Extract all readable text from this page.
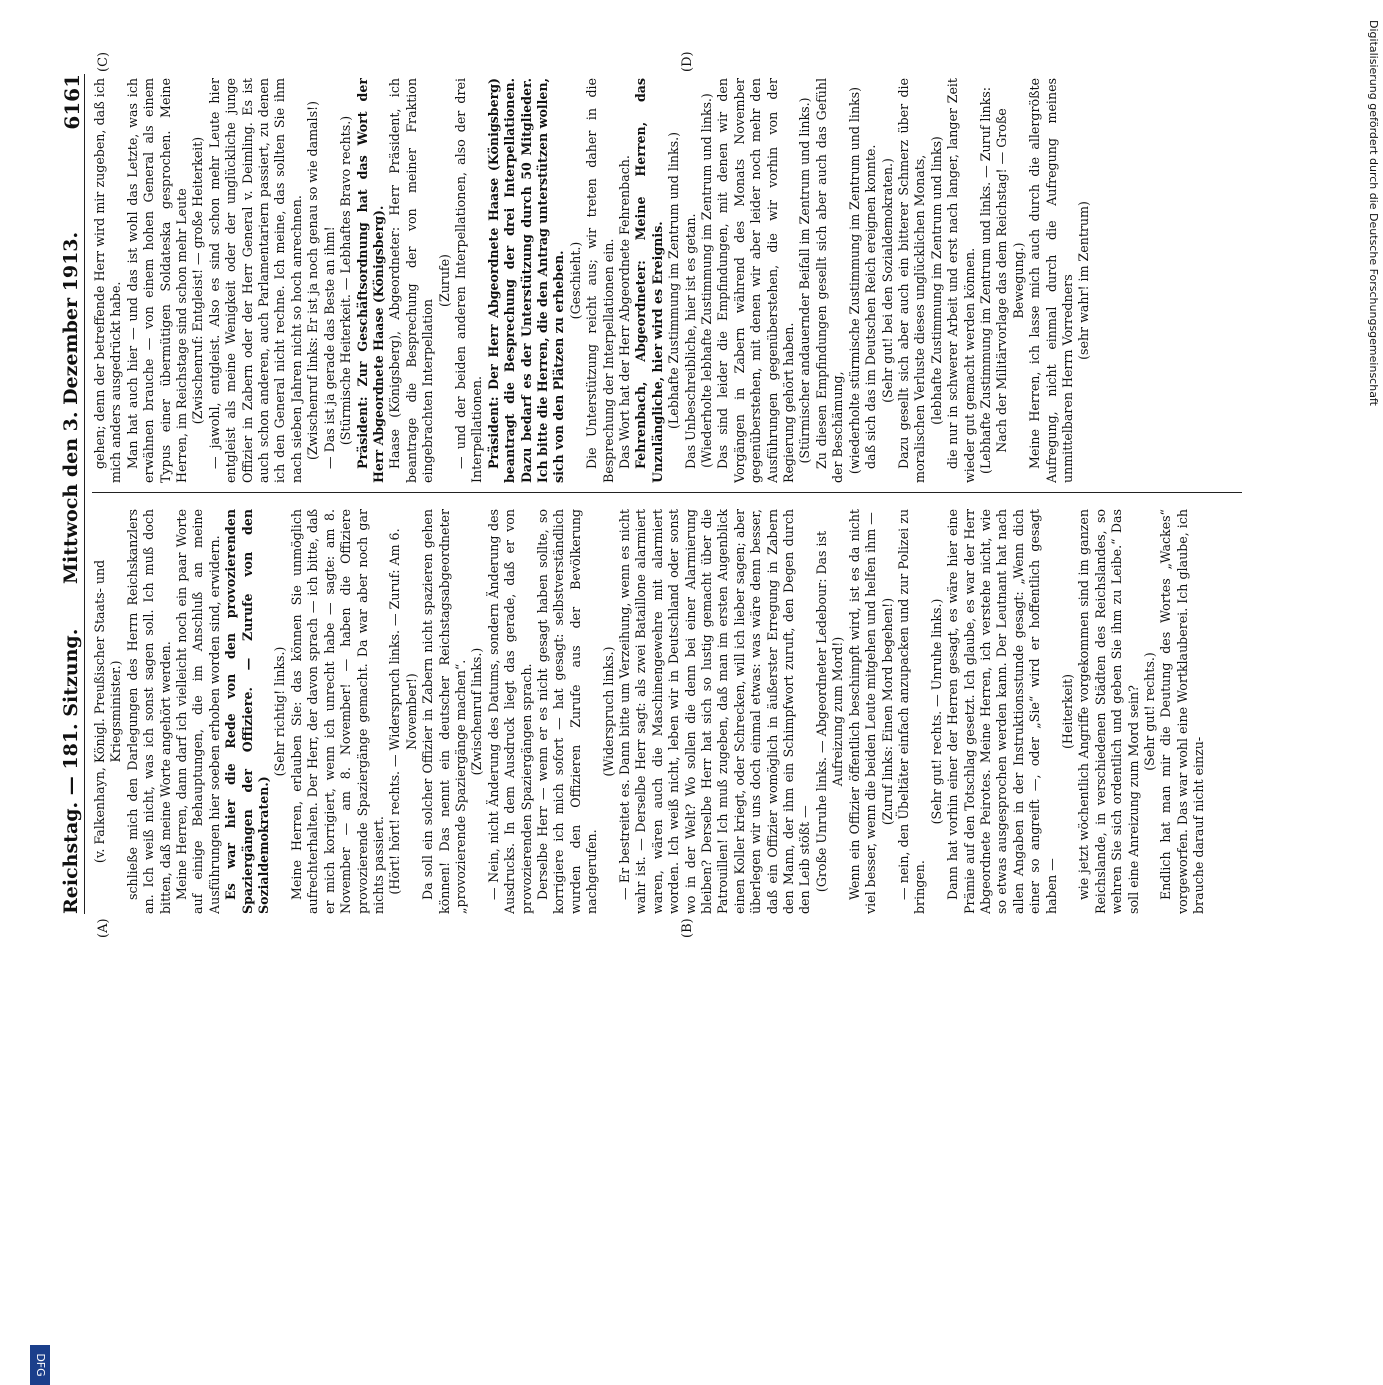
Reichstag. — 181. Sitzung.
Mittwoch den 3. Dezember 1913.
6161
(A)	(B)
(C)	(D)

(v. Falkenhayn, Königl. Preußischer Staats- und Kriegsminister.) schließe mich den Darlegungen des Herrn Reichskanzlers an. Ich weiß nicht, was ich sonst sagen soll. Ich muß doch bitten, daß meine Worte angehört werden. Meine Herren, dann darf ich vielleicht noch ein paar Worte auf einige Behauptungen, die im Anschluß an meine Ausführungen hier soeben erhoben worden sind, erwidern. Es war hier die Rede von den provozierenden Spaziergängen der Offiziere. — Zurufe von den Sozialdemokraten.)

(Sehr richtig! links.) Meine Herren, erlauben Sie: das können Sie unmöglich aufrechterhalten. Der Herr, der davon sprach — ich bitte, daß er mich korrigiert, wenn ich unrecht habe — sagte: am 8. November — am 8. November! — haben die Offiziere provozierende Spaziergänge gemacht. Da war aber noch gar nichts passiert. (Hört! hört! rechts. — Widerspruch links. — Zuruf: Am 6. November!) Da soll ein solcher Offizier in Zabern nicht spazieren gehen können! Das nennt ein deutscher Reichstagsabgeordneter „provozierende Spaziergänge machen“. (Zwischenruf links.) — Nein, nicht Änderung des Datums, sondern Änderung des Ausdrucks. In dem Ausdruck liegt das gerade, daß er von provozierenden Spaziergängen sprach. Derselbe Herr — wenn er es nicht gesagt haben sollte, so korrigiere ich mich sofort — hat gesagt: selbstverständlich wurden den Offizieren Zurufe aus der Bevölkerung nachgerufen.

(Widerspruch links.) — Er bestreitet es. Dann bitte um Verzeihung, wenn es nicht wahr ist. — Derselbe Herr sagt: als zwei Bataillone alarmiert waren, wären auch die Maschinengewehre mit alarmiert worden. Ich weiß nicht, leben wir in Deutschland oder sonst wo in der Welt? Wo sollen die denn bei einer Alarmierung bleiben? Derselbe Herr hat sich so lustig gemacht über die Patrouillen! Ich muß zugeben, daß man im ersten Augenblick einen Koller kriegt, oder Schrecken, will ich lieber sagen; aber überlegen wir uns doch einmal etwas: was wäre denn besser, daß ein Offizier womöglich in äußerster Erregung in Zabern den Mann, der ihm ein Schimpfwort zuruft, den Degen durch den Leib stößt — (Große Unruhe links. — Abgeordneter Ledebour: Das ist Aufreizung zum Mord!) Wenn ein Offizier öffentlich beschimpft wird, ist es da nicht viel besser, wenn die beiden Leute mitgehen und helfen ihm — (Zuruf links: Einen Mord begehen!) — nein, den Übeltäter einfach anzupacken und zur Polizei zu bringen.

(Sehr gut! rechts. — Unruhe links.) Dann hat vorhin einer der Herren gesagt, es wäre hier eine Prämie auf den Totschlag gesetzt. Ich glaube, es war der Herr Abgeordnete Peirotes. Meine Herren, ich verstehe nicht, wie so etwas ausgesprochen werden kann. Der Leutnant hat nach allen Angaben in der Instruktionsstunde gesagt: „Wenn dich einer so angreift —, oder „Sie“ wird er hoffentlich gesagt haben —

(Heiterkeit) wie jetzt wöchentlich Angriffe vorgekommen sind im ganzen Reichslande, in verschiedenen Städten des Reichslandes, so wehren Sie sich ordentlich und geben Sie ihm zu Leibe.“ Das soll eine Anreizung zum Mord sein? (Sehr gut! rechts.) Endlich hat man mir die Deutung des Wortes „Wackes“ vorgeworfen. Das war wohl eine Wortklauberei. Ich glaube, ich brauche darauf nicht einzu-

gehen; denn der betreffende Herr wird mir zugeben, daß ich mich anders ausgedrückt habe. Man hat auch hier — und das ist wohl das Letzte, was ich erwähnen brauche — von einem hohen General als einem Typus einer übermütigen Soldateska gesprochen. Meine Herren, im Reichstage sind schon mehr Leute (Zwischenruf: Entgleist! — große Heiterkeit) — jawohl, entgleist. Also es sind schon mehr Leute hier entgleist als meine Wenigkeit oder der unglückliche junge Offizier in Zabern oder der Herr General v. Deimling. Es ist auch schon anderen, auch Parlamentariern passiert, zu denen ich den General nicht rechne. Ich meine, das sollten Sie ihm nach sieben Jahren nicht so hoch anrechnen. (Zwischenruf links: Er ist ja noch genau so wie damals!) — Das ist ja gerade das Beste an ihm! (Stürmische Heiterkeit. — Lebhaftes Bravo rechts.) Präsident: Zur Geschäftsordnung hat das Wort der Herr Abgeordnete Haase (Königsberg). Haase (Königsberg), Abgeordneter: Herr Präsident, ich beantrage die Besprechung der von meiner Fraktion eingebrachten Interpellation

(Zurufe) — und der beiden anderen Interpellationen, also der drei Interpellationen. Präsident: Der Herr Abgeordnete Haase (Königsberg) beantragt die Besprechung der drei Interpellationen. Dazu bedarf es der Unterstützung durch 50 Mitglieder. Ich bitte die Herren, die den Antrag unterstützen wollen, sich von den Plätzen zu erheben. (Geschieht.) Die Unterstützung reicht aus; wir treten daher in die Besprechung der Interpellationen ein. Das Wort hat der Herr Abgeordnete Fehrenbach. Fehrenbach, Abgeordneter: Meine Herren, das Unzulängliche, hier wird es Ereignis. (Lebhafte Zustimmung im Zentrum und links.) Das Unbeschreibliche, hier ist es getan. (Wiederholte lebhafte Zustimmung im Zentrum und links.) Das sind leider die Empfindungen, mit denen wir den Vorgängen in Zabern während des Monats November gegenüberstehen, mit denen wir aber leider noch mehr den Ausführungen gegenüberstehen, die wir vorhin von der Regierung gehört haben. (Stürmischer andauernder Beifall im Zentrum und links.) Zu diesen Empfindungen gesellt sich aber auch das Gefühl der Beschämung, (wiederholte stürmische Zustimmung im Zentrum und links) daß sich das im Deutschen Reich ereignen konnte. (Sehr gut! bei den Sozialdemokraten.) Dazu gesellt sich aber auch ein bitterer Schmerz über die moralischen Verluste dieses unglücklichen Monats, (lebhafte Zustimmung im Zentrum und links) die nur in schwerer Arbeit und erst nach langer, langer Zeit wieder gut gemacht werden können. (Lebhafte Zustimmung im Zentrum und links. — Zuruf links: Nach der Militärvorlage das dem Reichstag! — Große Bewegung.) Meine Herren, ich lasse mich auch durch die allergrößte Aufregung, nicht einmal durch die Aufregung meines unmittelbaren Herrn Vorredners (sehr wahr! im Zentrum)

DFG
Digitalisierung gefördert durch die Deutsche Forschungsgemeinschaft
